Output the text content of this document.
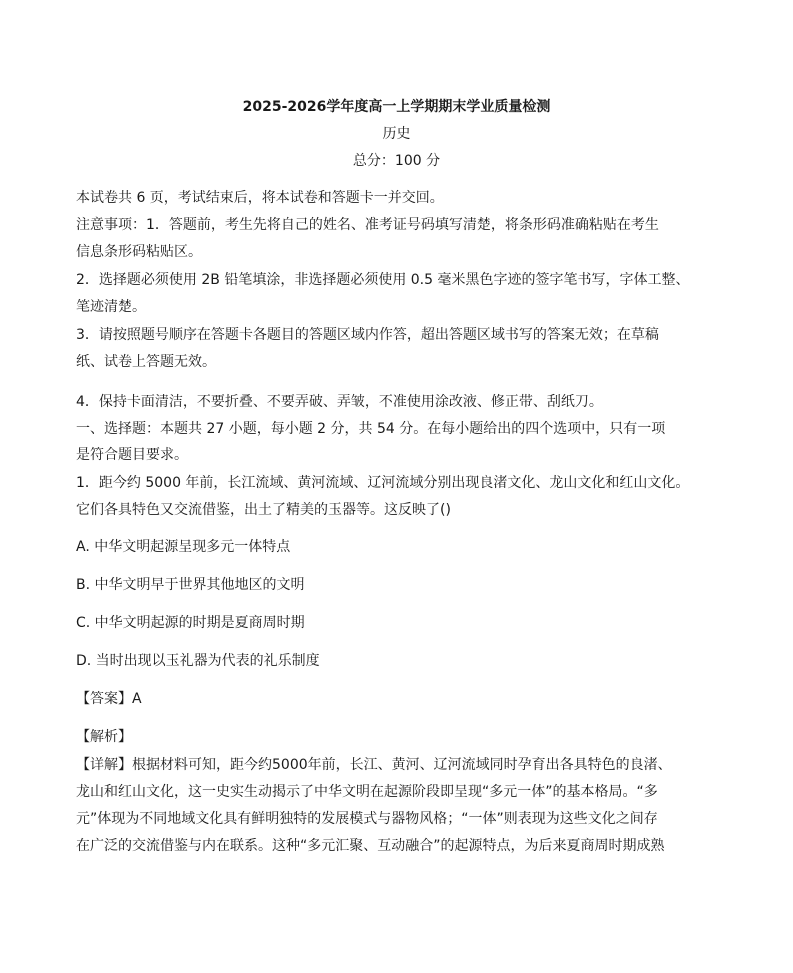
2025-2026学年度高一上学期期末学业质量检测
历史
总分：100 分
本试卷共 6 页，考试结束后，将本试卷和答题卡一并交回。
注意事项：1．答题前，考生先将自己的姓名、准考证号码填写清楚，将条形码准确粘贴在考生
信息条形码粘贴区。
2．选择题必须使用 2B 铅笔填涂，非选择题必须使用 0.5 毫米黑色字迹的签字笔书写，字体工整、
笔迹清楚。
3．请按照题号顺序在答题卡各题目的答题区域内作答，超出答题区域书写的答案无效；在草稿
纸、试卷上答题无效。
4．保持卡面清洁，不要折叠、不要弄破、弄皱，不准使用涂改液、修正带、刮纸刀。
一、选择题：本题共 27 小题，每小题 2 分，共 54 分。在每小题给出的四个选项中，只有一项
是符合题目要求。
1．距今约 5000 年前，长江流域、黄河流域、辽河流域分别出现良渚文化、龙山文化和红山文化。
它们各具特色又交流借鉴，出土了精美的玉器等。这反映了()
A. 中华文明起源呈现多元一体特点
B. 中华文明早于世界其他地区的文明
C. 中华文明起源的时期是夏商周时期
D. 当时出现以玉礼器为代表的礼乐制度
【答案】A
【解析】
【详解】根据材料可知，距今约5000年前，长江、黄河、辽河流域同时孕育出各具特色的良渚、
龙山和红山文化，这一史实生动揭示了中华文明在起源阶段即呈现“多元一体”的基本格局。“多
元”体现为不同地域文化具有鲜明独特的发展模式与器物风格；“一体”则表现为这些文化之间存
在广泛的交流借鉴与内在联系。这种“多元汇聚、互动融合”的起源特点，为后来夏商周时期成熟
